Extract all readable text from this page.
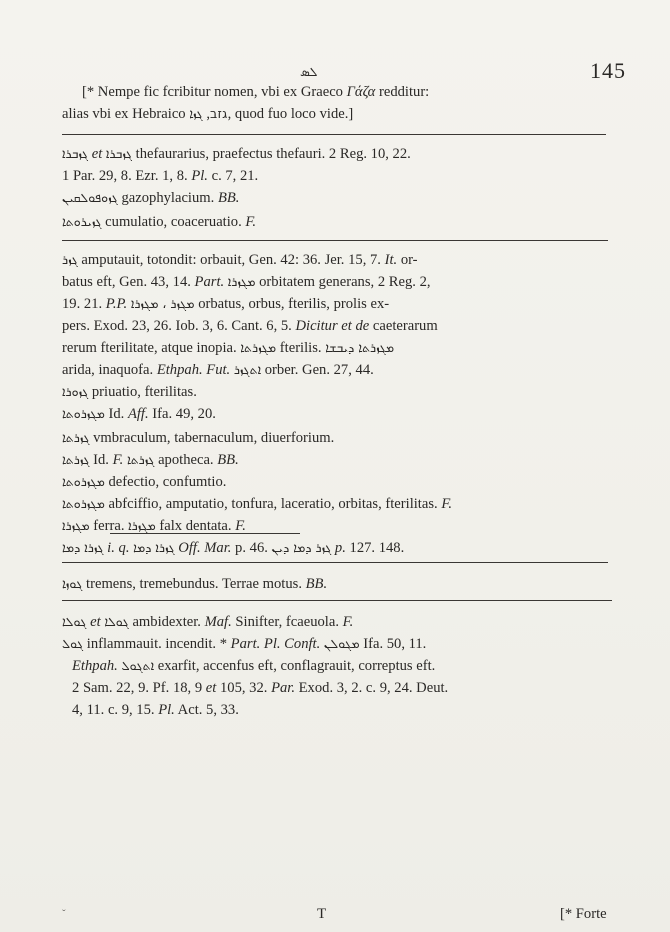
ܠܣ	145
[* Nempe fic fcribitur nomen, vbi ex Graeco Γάζα redditur:
alias vbi ex Hebraico גזב, ܓܙܐ , quod fuo loco vide.]
ܓܙܒܪܐ et ܓܙܒܪܐ thefaurarius, praefectus thefauri. 2 Reg. 10, 22.
1 Par. 29, 8. Ezr. 1, 8. Pl. c. 7, 21.
ܓܙܘܦܘܠܩܝܢ gazophylacium. BB.
ܓܙܝܪܘܬܐ cumulatio, coaceruatio. F.
ܓܙܪ amputauit, totondit: orbauit, Gen. 42: 36. Jer. 15, 7. It. or-
batus eft, Gen. 43, 14. Part. ܡܓܙܪܐ orbitatem generans, 2 Reg. 2,
19. 21. P.P. ܡܓܙܪ ، ܡܓܙܪܐ orbatus, orbus, fterilis, prolis ex-
pers. Exod. 23, 26. Iob. 3, 6. Cant. 6, 5. Dicitur et de caeterarum
rerum fterilitate, atque inopia. ܡܓܙܪܬܐ fterilis. ܡܓܙܪܬܐ ܕܝܒܫܐ
arida, inaquofa. Ethpah. Fut. ܐܬܓܙܪ orber. Gen. 27, 44.
ܓܙܘܪܐ priuatio, fterilitas.
ܡܓܙܪܘܬܐ Id. Aff. Ifa. 49, 20.
ܓܙܪܬܐ vmbraculum, tabernaculum, diuerforium.
ܓܙܪܬܐ Id. F. ܓܙܪܬܐ apotheca. BB.
ܡܓܙܪܘܬܐ defectio, confumtio.
ܡܓܙܪܘܬܐ abfciffio, amputatio, tonfura, laceratio, orbitas, fterilitas. F.
ܡܓܙܪܐ ferra. ܡܓܙܪܐ falx dentata. F.
ܓܙܪܐ ܕܡܐ i. q. ܓܙܪܐ ܕܡܐ Off. Mar. p. 46. ܓܙܪ ܕܡܐ ܕܝܢ p. 127. 148.
ܓܘܙܐ tremens, tremebundus. Terrae motus. BB.
ܓܘܠܐ et ܓܘܠܐ ambidexter. Maf. Sinifter, fcaeuola. F.
ܓܘܠ inflammauit. incendit. * Part. Pl. Conft. ܡܓܘܠܢ Ifa. 50, 11.
Ethpah. ܐܬܓܘܠ exarfit, accenfus eft, conflagrauit, correptus eft.
2 Sam. 22, 9. Pf. 18, 9 et 105, 32. Par. Exod. 3, 2. c. 9, 24. Deut.
4, 11. c. 9, 15. Pl. Act. 5, 33.
ˇ	T	[* Forte
